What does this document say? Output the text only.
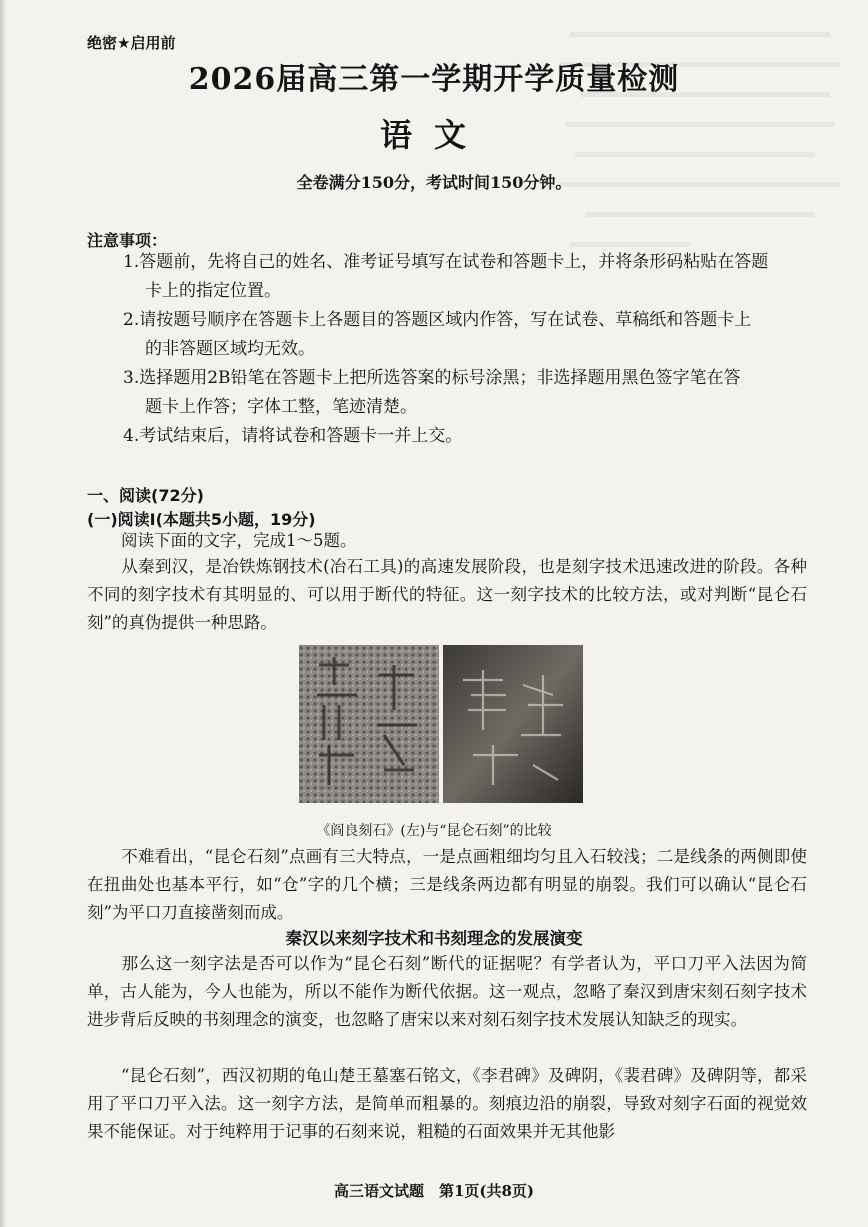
绝密★启用前
2026届高三第一学期开学质量检测
语文
全卷满分150分，考试时间150分钟。
注意事项：
1.答题前，先将自己的姓名、准考证号填写在试卷和答题卡上，并将条形码粘贴在答题
卡上的指定位置。
2.请按题号顺序在答题卡上各题目的答题区域内作答，写在试卷、草稿纸和答题卡上
的非答题区域均无效。
3.选择题用2B铅笔在答题卡上把所选答案的标号涂黑；非选择题用黑色签字笔在答
题卡上作答；字体工整，笔迹清楚。
4.考试结束后，请将试卷和答题卡一并上交。
一、阅读(72分)
(一)阅读Ⅰ(本题共5小题，19分)
阅读下面的文字，完成1～5题。
从秦到汉，是冶铁炼钢技术(冶石工具)的高速发展阶段，也是刻字技术迅速改进的阶段。各种不同的刻字技术有其明显的、可以用于断代的特征。这一刻字技术的比较方法，或对判断“昆仑石刻”的真伪提供一种思路。
《阎良刻石》(左)与“昆仑石刻”的比较
不难看出，“昆仑石刻”点画有三大特点，一是点画粗细均匀且入石较浅；二是线条的两侧即使在扭曲处也基本平行，如“仓”字的几个横；三是线条两边都有明显的崩裂。我们可以确认“昆仑石刻”为平口刀直接凿刻而成。
秦汉以来刻字技术和书刻理念的发展演变
那么这一刻字法是否可以作为“昆仑石刻”断代的证据呢？有学者认为，平口刀平入法因为简单，古人能为，今人也能为，所以不能作为断代依据。这一观点，忽略了秦汉到唐宋刻石刻字技术进步背后反映的书刻理念的演变，也忽略了唐宋以来对刻石刻字技术发展认知缺乏的现实。
“昆仑石刻”，西汉初期的龟山楚王墓塞石铭文，《李君碑》及碑阴，《裴君碑》及碑阴等，都采用了平口刀平入法。这一刻字方法，是简单而粗暴的。刻痕边沿的崩裂，导致对刻字石面的视觉效果不能保证。对于纯粹用于记事的石刻来说，粗糙的石面效果并无其他影
高三语文试题　第1页(共8页)
